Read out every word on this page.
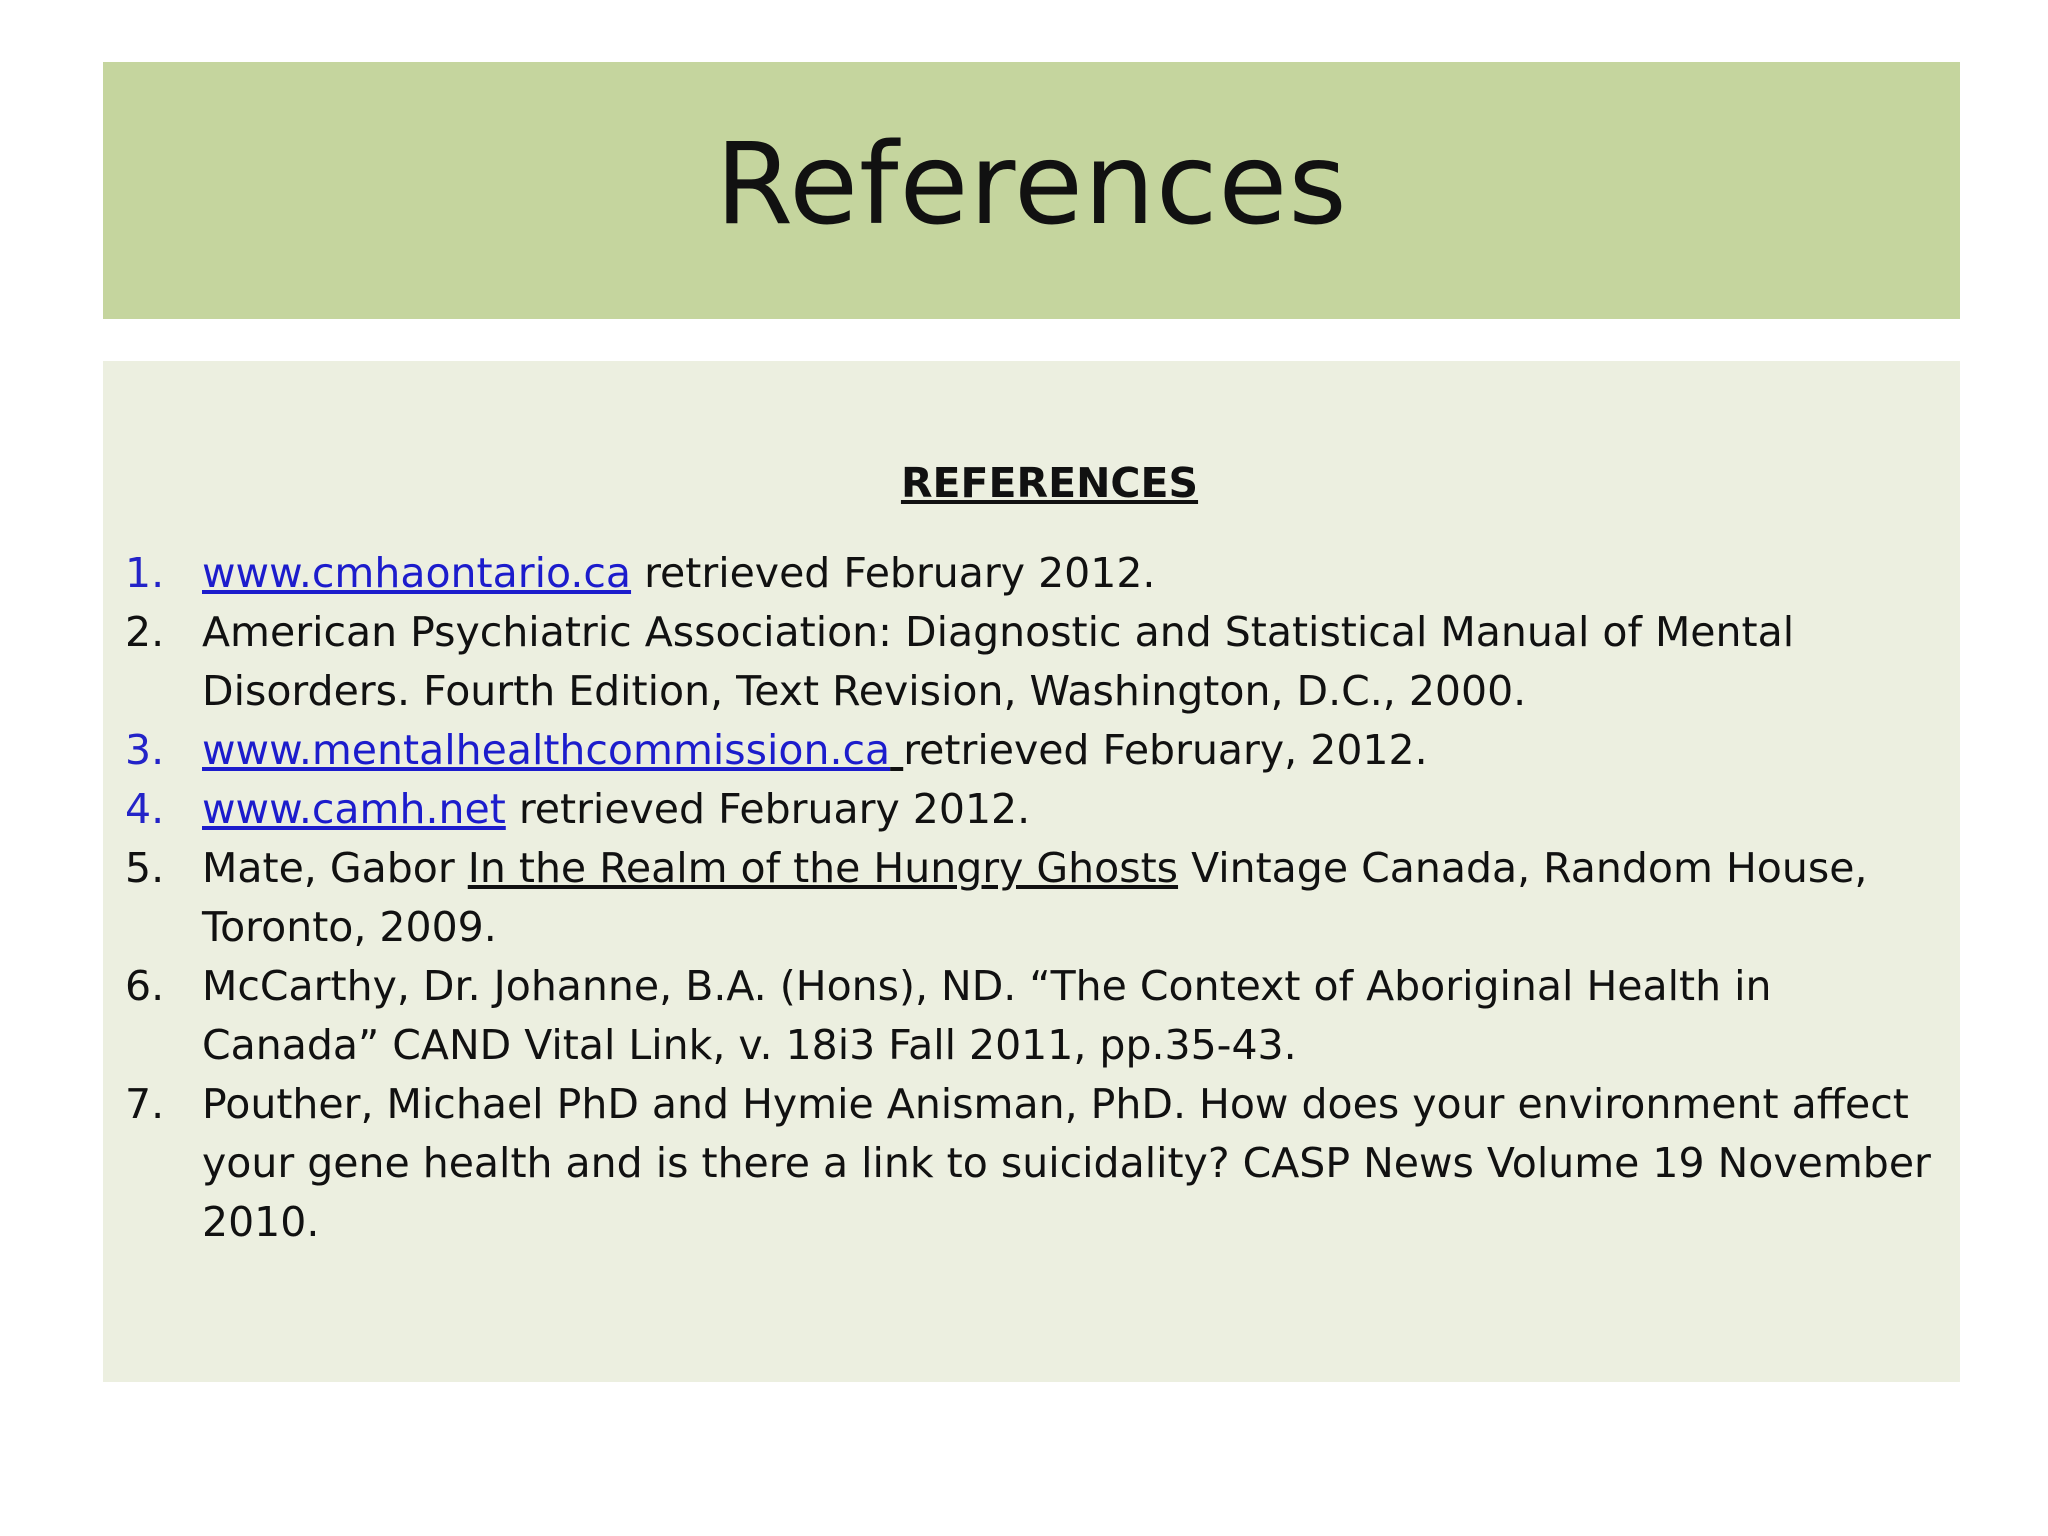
References
REFERENCES
1. www.cmhaontario.ca retrieved February 2012.
2. American Psychiatric Association: Diagnostic and Statistical Manual of Mental Disorders. Fourth Edition, Text Revision, Washington, D.C., 2000.
3. www.mentalhealthcommission.ca retrieved February, 2012.
4. www.camh.net retrieved February 2012.
5. Mate, Gabor In the Realm of the Hungry Ghosts Vintage Canada, Random House, Toronto, 2009.
6. McCarthy, Dr. Johanne, B.A. (Hons), ND. “The Context of Aboriginal Health in Canada” CAND Vital Link, v. 18i3 Fall 2011, pp.35-43.
7. Pouther, Michael PhD and Hymie Anisman, PhD. How does your environment affect your gene health and is there a link to suicidality? CASP News Volume 19 November 2010.
